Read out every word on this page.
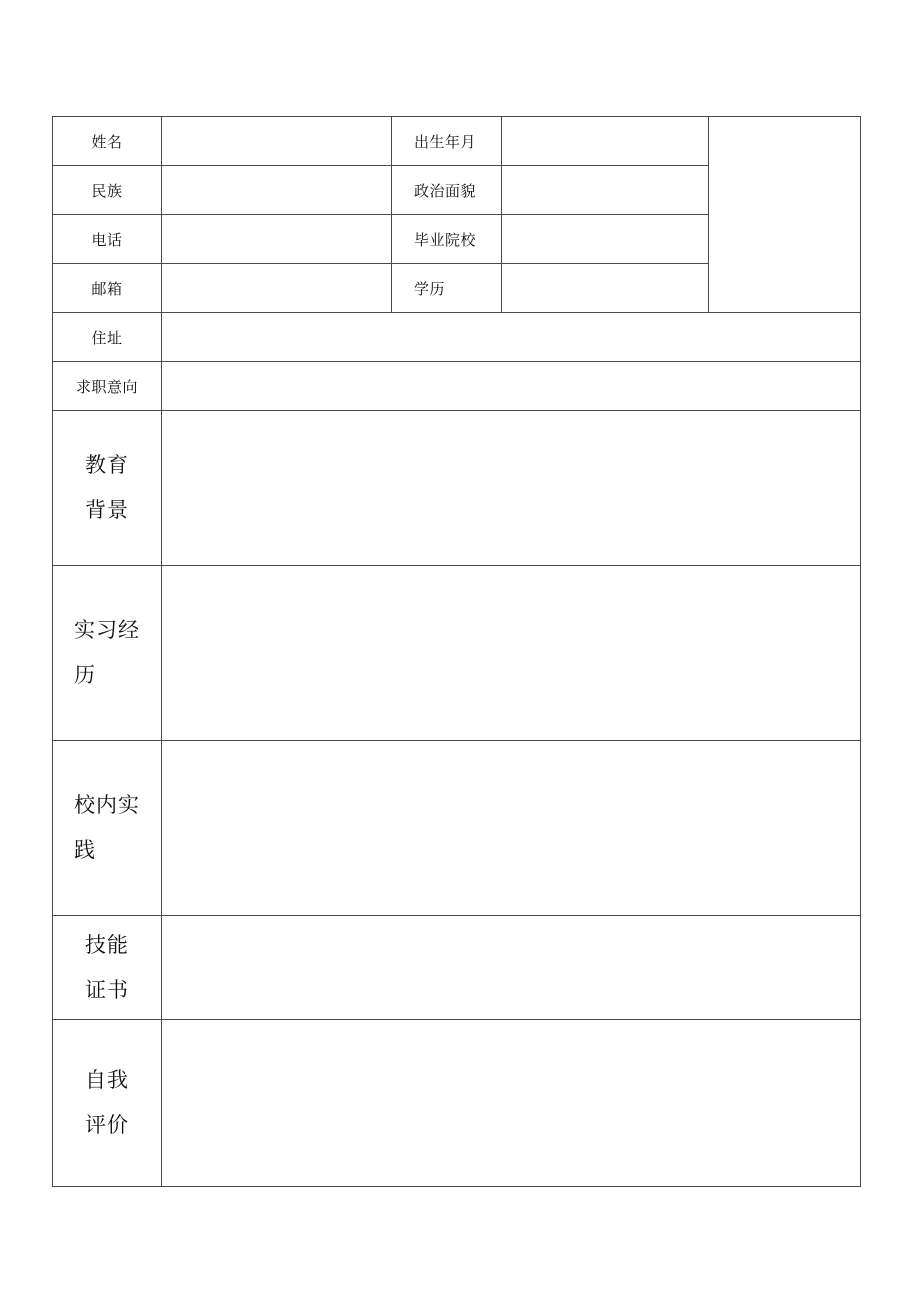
姓名	出生年月
民族	政治面貌
电话	毕业院校
邮箱	学历
住址
求职意向
教育背景
实习经历
校内实践
技能证书
自我评价
